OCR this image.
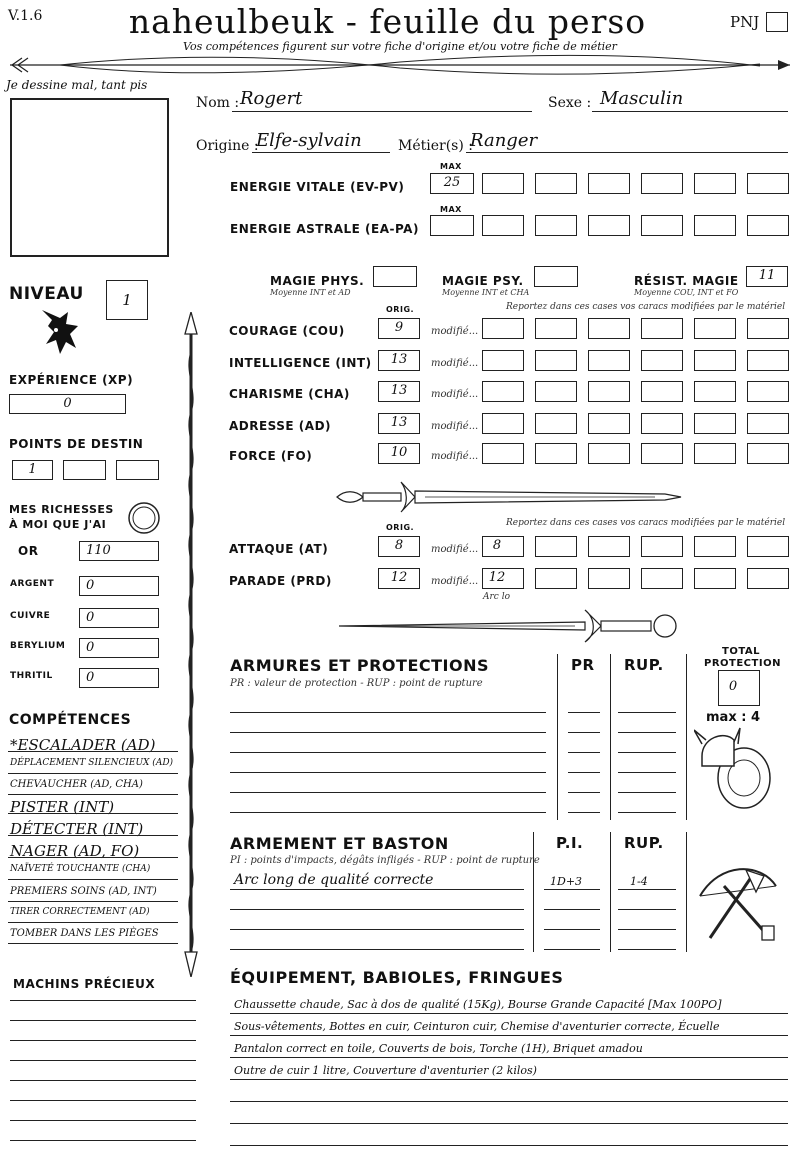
V.1.6	naheulbeuk - feuille du perso	PNJ
Vos compétences figurent sur votre fiche d'origine et/ou votre fiche de métier
Je dessine mal, tant pis
Nom : Rogert	Sexe : Masculin
Origine :
Elfe-sylvain	Métier(s) :
Ranger
MAX
ENERGIE VITALE (EV-PV)	25
MAX
ENERGIE ASTRALE (EA-PA)
MAGIE PHYS.
Moyenne INT et AD
MAGIE PSY.
Moyenne INT et CHA
RÉSIST. MAGIE
Moyenne COU, INT et FO
11
NIVEAU	1
EXPÉRIENCE (XP)
0
POINTS DE DESTIN
1
MES RICHESSES
À MOI QUE J'AI
COMPÉTENCES
MACHINS PRÉCIEUX
ORIG.	Reportez dans ces cases vos caracs modifiées par le matériel
ORIG.	Reportez dans ces cases vos caracs modifiées par le matériel
Arc lo
ARMURES ET PROTECTIONS
PR : valeur de protection - RUP : point de rupture
PR RUP.
TOTAL
PROTECTION
0
max : 4
ARMEMENT ET BASTON
PI : points d'impacts, dégâts infligés - RUP : point de rupture
P.I.	RUP.
ÉQUIPEMENT, BABIOLES, FRINGUES
OR	110
ARGENT 0
CUIVRE	0
BERYLIUM 0
THRITIL	0
*ESCALADER (AD)
DÉPLACEMENT SILENCIEUX (AD)
CHEVAUCHER (AD, CHA)
PISTER (INT)
DÉTECTER (INT)
NAGER (AD, FO)
NAÏVETÉ TOUCHANTE (CHA)
PREMIERS SOINS (AD, INT)
TIRER CORRECTEMENT (AD)
TOMBER DANS LES PIÈGES
COURAGE (COU)	9	modifié...
INTELLIGENCE (INT)	13	modifié...
CHARISME (CHA)	13	modifié...
ADRESSE (AD)	13	modifié...
FORCE (FO)	10	modifié...
ATTAQUE (AT)	8	modifié...	8
PARADE (PRD)	12	modifié... 12
Arc long de qualité correcte	1D+3	1-4
Chaussette chaude, Sac à dos de qualité (15Kg), Bourse Grande Capacité [Max 100PO]
Sous-vêtements, Bottes en cuir, Ceinturon cuir, Chemise d'aventurier correcte, Écuelle
Pantalon correct en toile, Couverts de bois, Torche (1H), Briquet amadou
Outre de cuir 1 litre, Couverture d'aventurier (2 kilos)
